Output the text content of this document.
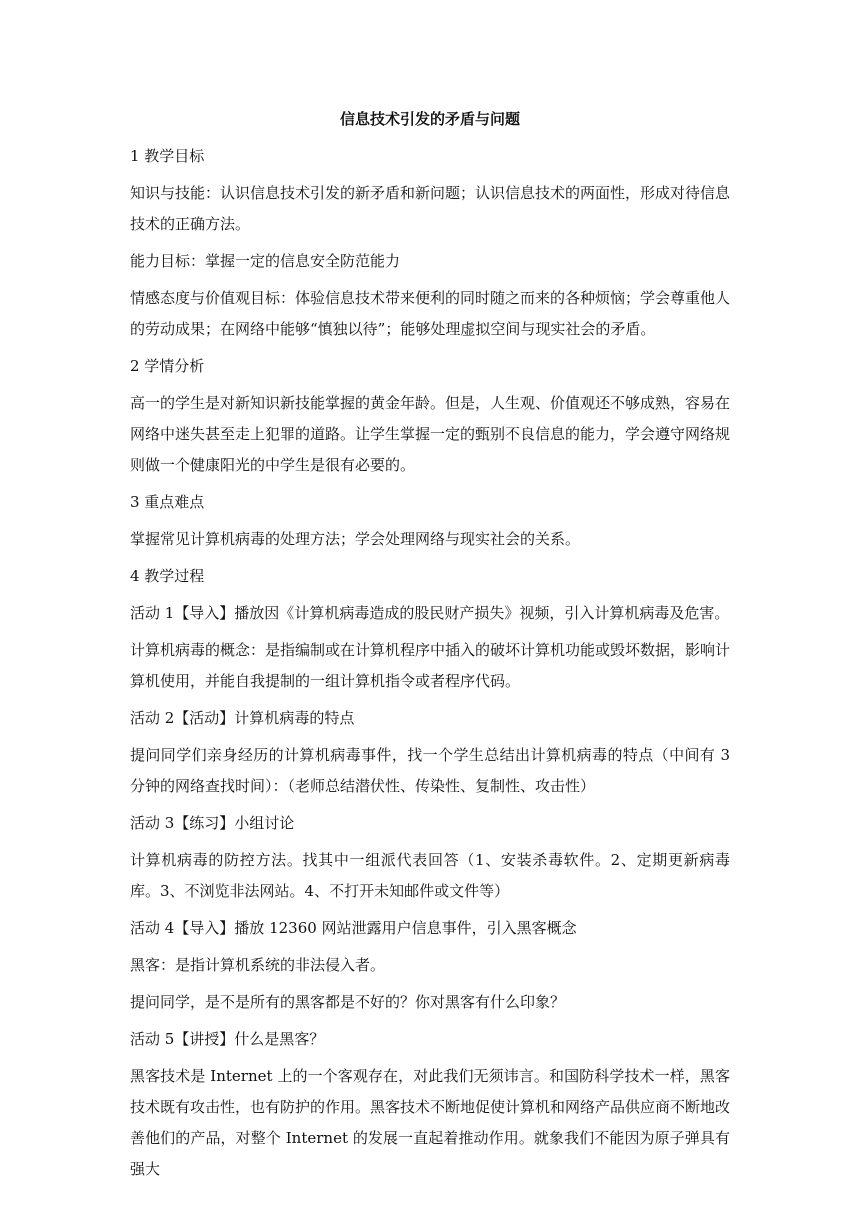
信息技术引发的矛盾与问题
1 教学目标
知识与技能：认识信息技术引发的新矛盾和新问题；认识信息技术的两面性，形成对待信息技术的正确方法。
能力目标：掌握一定的信息安全防范能力
情感态度与价值观目标：体验信息技术带来便利的同时随之而来的各种烦恼；学会尊重他人的劳动成果；在网络中能够“慎独以待”；能够处理虚拟空间与现实社会的矛盾。
2 学情分析
高一的学生是对新知识新技能掌握的黄金年龄。但是，人生观、价值观还不够成熟，容易在网络中迷失甚至走上犯罪的道路。让学生掌握一定的甄别不良信息的能力，学会遵守网络规则做一个健康阳光的中学生是很有必要的。
3 重点难点
掌握常见计算机病毒的处理方法；学会处理网络与现实社会的关系。
4 教学过程
活动 1【导入】播放因《计算机病毒造成的股民财产损失》视频，引入计算机病毒及危害。
计算机病毒的概念：是指编制或在计算机程序中插入的破坏计算机功能或毁坏数据，影响计算机使用，并能自我提制的一组计算机指令或者程序代码。
活动 2【活动】计算机病毒的特点
提问同学们亲身经历的计算机病毒事件，找一个学生总结出计算机病毒的特点（中间有 3 分钟的网络查找时间）：（老师总结潜伏性、传染性、复制性、攻击性）
活动 3【练习】小组讨论
计算机病毒的防控方法。找其中一组派代表回答（1、安装杀毒软件。2、定期更新病毒库。3、不浏览非法网站。4、不打开未知邮件或文件等）
活动 4【导入】播放 12360 网站泄露用户信息事件，引入黑客概念
黑客：是指计算机系统的非法侵入者。
提问同学，是不是所有的黑客都是不好的？你对黑客有什么印象？
活动 5【讲授】什么是黑客？
黑客技术是 Internet 上的一个客观存在，对此我们无须讳言。和国防科学技术一样，黑客技术既有攻击性，也有防护的作用。黑客技术不断地促使计算机和网络产品供应商不断地改善他们的产品，对整个 Internet 的发展一直起着推动作用。就象我们不能因为原子弹具有强大
